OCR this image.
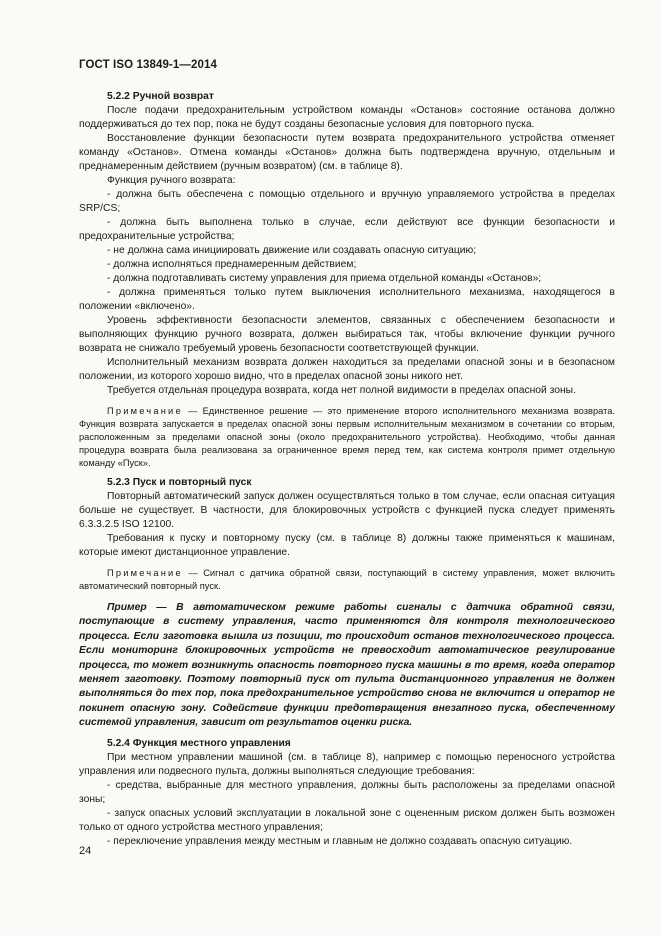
ГОСТ ISO 13849-1—2014

5.2.2 Ручной возврат

После подачи предохранительным устройством команды «Останов» состояние останова должно поддерживаться до тех пор, пока не будут созданы безопасные условия для повторного пуска.

Восстановление функции безопасности путем возврата предохранительного устройства отменяет команду «Останов». Отмена команды «Останов» должна быть подтверждена вручную, отдельным и преднамеренным действием (ручным возвратом) (см. в таблице 8).

Функция ручного возврата:

- должна быть обеспечена с помощью отдельного и вручную управляемого устройства в пределах SRP/CS;

- должна быть выполнена только в случае, если действуют все функции безопасности и предохранительные устройства;

- не должна сама инициировать движение или создавать опасную ситуацию;

- должна исполняться преднамеренным действием;

- должна подготавливать систему управления для приема отдельной команды «Останов»;

- должна применяться только путем выключения исполнительного механизма, находящегося в положении «включено».

Уровень эффективности безопасности элементов, связанных с обеспечением безопасности и выполняющих функцию ручного возврата, должен выбираться так, чтобы включение функции ручного возврата не снижало требуемый уровень безопасности соответствующей функции.

Исполнительный механизм возврата должен находиться за пределами опасной зоны и в безопасном положении, из которого хорошо видно, что в пределах опасной зоны никого нет.

Требуется отдельная процедура возврата, когда нет полной видимости в пределах опасной зоны.

Примечание — Единственное решение — это применение второго исполнительного механизма возврата. Функция возврата запускается в пределах опасной зоны первым исполнительным механизмом в сочетании со вторым, расположенным за пределами опасной зоны (около предохранительного устройства). Необходимо, чтобы данная процедура возврата была реализована за ограниченное время перед тем, как система контроля примет отдельную команду «Пуск».

5.2.3 Пуск и повторный пуск

Повторный автоматический запуск должен осуществляться только в том случае, если опасная ситуация больше не существует. В частности, для блокировочных устройств с функцией пуска следует применять 6.3.3.2.5 ISO 12100.

Требования к пуску и повторному пуску (см. в таблице 8) должны также применяться к машинам, которые имеют дистанционное управление.

Примечание — Сигнал с датчика обратной связи, поступающий в систему управления, может включить автоматический повторный пуск.

Пример — В автоматическом режиме работы сигналы с датчика обратной связи, поступающие в систему управления, часто применяются для контроля технологического процесса. Если заготовка вышла из позиции, то происходит останов технологического процесса. Если мониторинг блокировочных устройств не превосходит автоматическое регулирование процесса, то может возникнуть опасность повторного пуска машины в то время, когда оператор меняет заготовку. Поэтому повторный пуск от пульта дистанционного управления не должен выполняться до тех пор, пока предохранительное устройство снова не включится и оператор не покинет опасную зону. Содействие функции предотвращения внезапного пуска, обеспеченному системой управления, зависит от результатов оценки риска.

5.2.4 Функция местного управления

При местном управлении машиной (см. в таблице 8), например с помощью переносного устройства управления или подвесного пульта, должны выполняться следующие требования:

- средства, выбранные для местного управления, должны быть расположены за пределами опасной зоны;

- запуск опасных условий эксплуатации в локальной зоне с оцененным риском должен быть возможен только от одного устройства местного управления;

- переключение управления между местным и главным не должно создавать опасную ситуацию.

24
